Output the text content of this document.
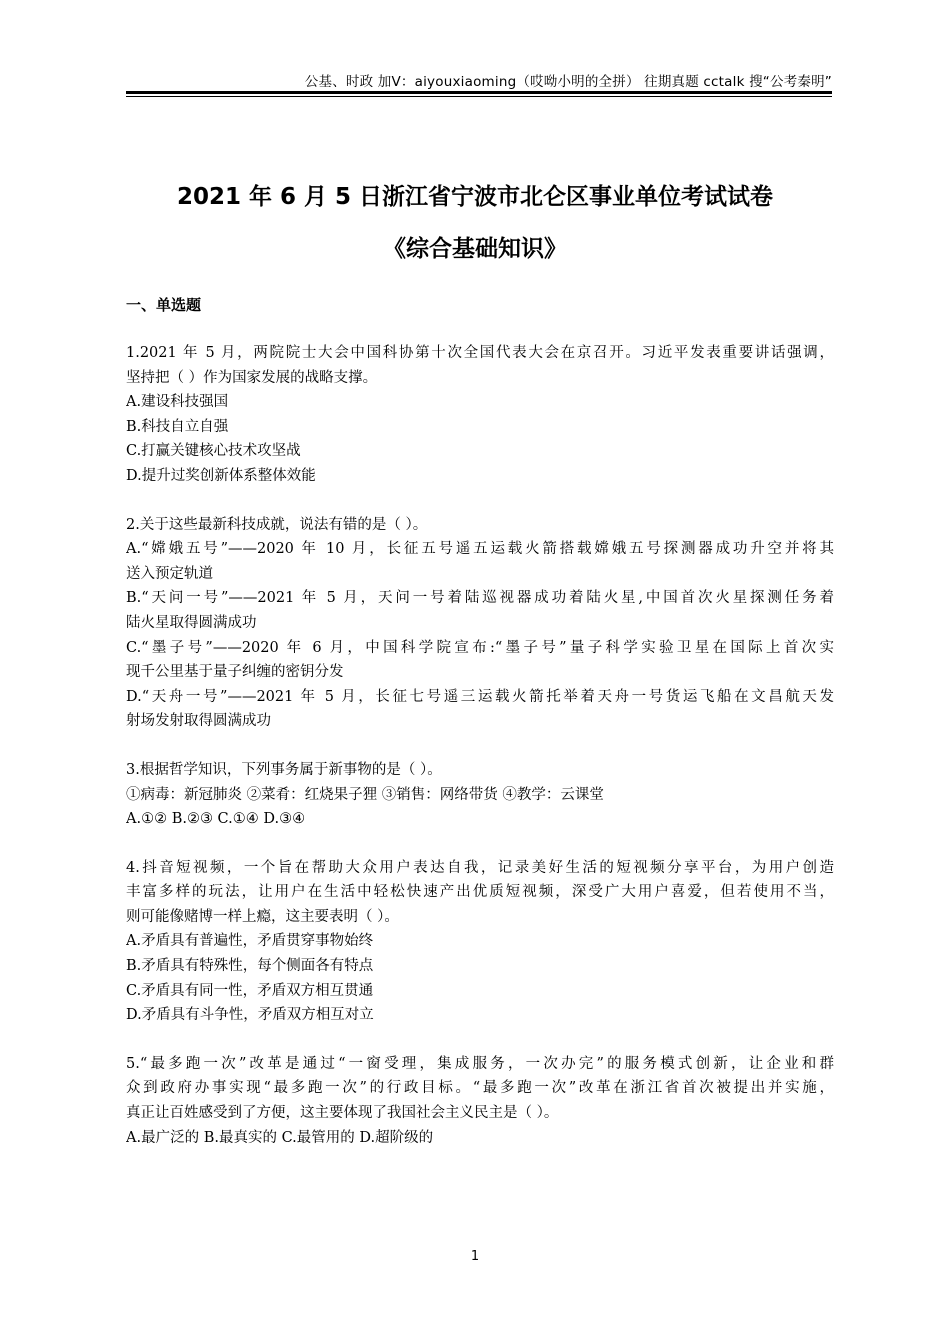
公基、时政 加V：aiyouxiaoming（哎呦小明的全拼） 往期真题 cctalk 搜“公考秦明”
2021 年 6 月 5 日浙江省宁波市北仑区事业单位考试试卷
《综合基础知识》
一、单选题
1.2021 年 5 月，两院院士大会中国科协第十次全国代表大会在京召开。习近平发表重要讲话强调，
坚持把（ ）作为国家发展的战略支撑。
A.建设科技强国
B.科技自立自强
C.打赢关键核心技术攻坚战
D.提升过奖创新体系整体效能
2.关于这些最新科技成就，说法有错的是（ ）。
A.“嫦娥五号”——2020 年 10 月，长征五号遥五运载火箭搭载嫦娥五号探测器成功升空并将其
送入预定轨道
B.“天问一号”——2021 年 5 月，天问一号着陆巡视器成功着陆火星,中国首次火星探测任务着
陆火星取得圆满成功
C.“墨子号”——2020 年 6 月，中国科学院宣布:“墨子号”量子科学实验卫星在国际上首次实
现千公里基于量子纠缠的密钥分发
D.“天舟一号”——2021 年 5 月，长征七号遥三运载火箭托举着天舟一号货运飞船在文昌航天发
射场发射取得圆满成功
3.根据哲学知识，下列事务属于新事物的是（ ）。
①病毒：新冠肺炎 ②菜肴：红烧果子狸 ③销售：网络带货 ④教学：云课堂
A.①② B.②③ C.①④ D.③④
4.抖音短视频，一个旨在帮助大众用户表达自我，记录美好生活的短视频分享平台，为用户创造
丰富多样的玩法，让用户在生活中轻松快速产出优质短视频，深受广大用户喜爱，但若使用不当，
则可能像赌博一样上瘾，这主要表明（ ）。
A.矛盾具有普遍性，矛盾贯穿事物始终
B.矛盾具有特殊性，每个侧面各有特点
C.矛盾具有同一性，矛盾双方相互贯通
D.矛盾具有斗争性，矛盾双方相互对立
5.“最多跑一次”改革是通过“一窗受理，集成服务，一次办完”的服务模式创新，让企业和群
众到政府办事实现“最多跑一次”的行政目标。“最多跑一次”改革在浙江省首次被提出并实施，
真正让百姓感受到了方便，这主要体现了我国社会主义民主是（ ）。
A.最广泛的 B.最真实的 C.最管用的 D.超阶级的
1
